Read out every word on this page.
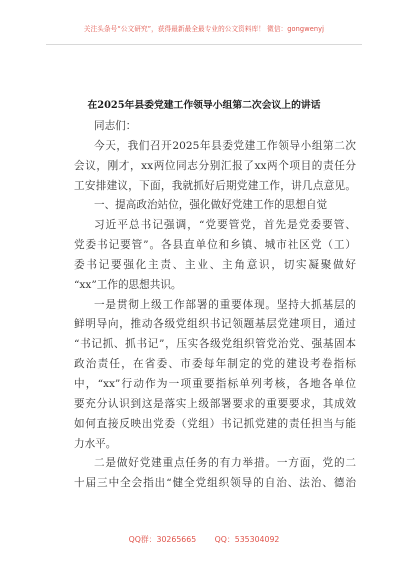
关注头条号“公文研究”，获得最新最全最专业的公文资料库！ 微信：gongwenyj
在2025年县委党建工作领导小组第二次会议上的讲话
同志们：
今天，我们召开2025年县委党建工作领导小组第二次
会议，刚才，xx两位同志分别汇报了xx两个项目的责任分
工安排建议，下面，我就抓好后期党建工作，讲几点意见。
一、提高政治站位，强化做好党建工作的思想自觉
习近平总书记强调，“党要管党，首先是党委要管、
党委书记要管”。各县直单位和乡镇、城市社区党（工）
委书记要强化主责、主业、主角意识，切实凝聚做好
“xx”工作的思想共识。
一是贯彻上级工作部署的重要体现。坚持大抓基层的
鲜明导向，推动各级党组织书记领题基层党建项目，通过
“书记抓、抓书记”，压实各级党组织管党治党、强基固本
政治责任，在省委、市委每年制定的党的建设考卷指标
中，“xx”行动作为一项重要指标单列考核，各地各单位
要充分认识到这是落实上级部署要求的重要要求，其成效
如何直接反映出党委（党组）书记抓党建的责任担当与能
力水平。
二是做好党建重点任务的有力举措。一方面，党的二
十届三中全会指出“健全党组织领导的自治、法治、德治
QQ群：30265665 QQ：535304092
